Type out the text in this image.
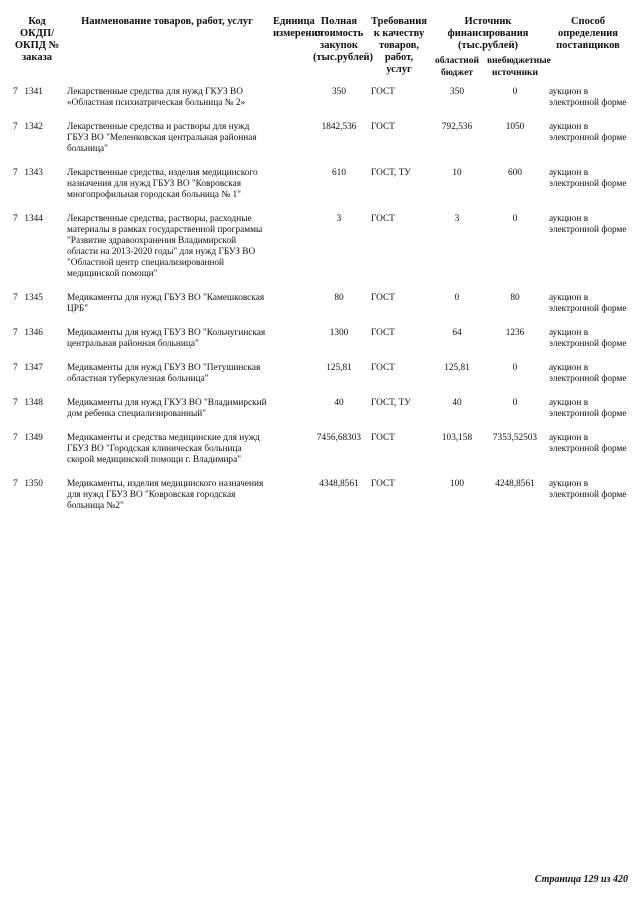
Код ОКДП/ ОКПД № заказа	Наименование товаров, работ, услуг	Единица измерения	Полная стоимость закупок (тыс.рублей)	Требования к качеству товаров, работ, услуг	Источник финансирования (тыс.рублей)		Способ определения поставщиков
					областной бюджет	внебюджетные источники	
7 1341	Лекарственные средства для нужд ГКУЗ ВО «Областная психиатрическая больница № 2»		350	ГОСТ	350	0	аукцион в электронной форме
7 1342	Лекарственные средства и растворы для нужд ГБУЗ ВО "Меленковская центральная районная больница"		1842,536	ГОСТ	792,536	1050	аукцион в электронной форме
7 1343	Лекарственные средства, изделия медицинского назначения для нужд ГБУЗ ВО "Ковровская многопрофильная городская больница № 1"		610	ГОСТ, ТУ	10	600	аукцион в электронной форме
7 1344	Лекарственные средства, растворы, расходные материалы в рамках государственной программы "Развитие здравоохранения Владимирской области на 2013-2020 годы" для нужд ГБУЗ ВО "Областной центр специализированной медицинской помощи"		3	ГОСТ	3	0	аукцион в электронной форме
7 1345	Медикаменты для нужд ГБУЗ ВО "Камешковская ЦРБ"		80	ГОСТ	0	80	аукцион в электронной форме
7 1346	Медикаменты для нужд ГБУЗ ВО "Кольчугинская центральная районная больница"		1300	ГОСТ	64	1236	аукцион в электронной форме
7 1347	Медикаменты для нужд ГБУЗ ВО "Петушинская областная туберкулезная больница"		125,81	ГОСТ	125,81	0	аукцион в электронной форме
7 1348	Медикаменты для нужд ГКУЗ ВО "Владимирский дом ребенка специализированный"		40	ГОСТ, ТУ	40	0	аукцион в электронной форме
7 1349	Медикаменты и средства медицинские для нужд ГБУЗ ВО "Городская клиническая больница скорой медицинской помощи г. Владимира"		7456,68303	ГОСТ	103,158	7353,52503	аукцион в электронной форме
7 1350	Медикаменты, изделия медицинского назначения для нужд ГБУЗ ВО "Ковровская городская больница №2"		4348,8561	ГОСТ	100	4248,8561	аукцион в электронной форме
Страница 129 из 420
